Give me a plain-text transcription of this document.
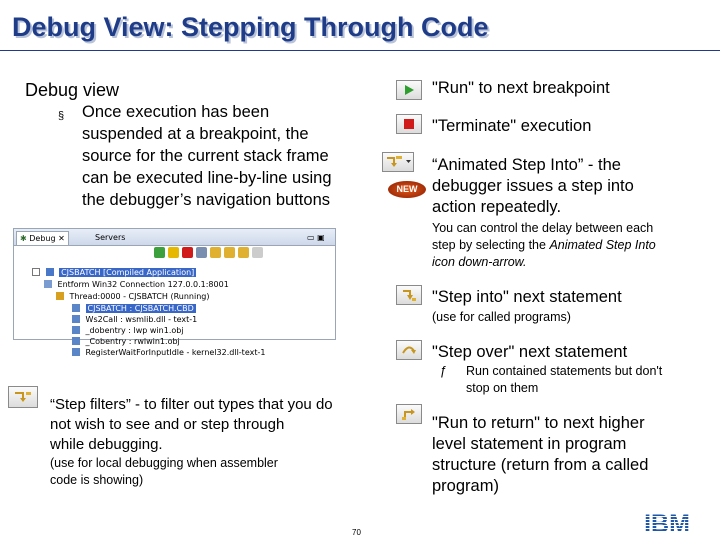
Debug View: Stepping Through Code
Debug view
§ Once execution has been
suspended at a breakpoint, the
source for the current stack frame
can be executed line-by-line using
the debugger’s navigation buttons
✱ Debug ✕	Servers	▭ ▣
CJSBATCH [Compiled Application]
Entform Win32 Connection 127.0.0.1:8001
Thread:0000 - CJSBATCH (Running)
CJSBATCH : CJSBATCH.CBD
Ws2Call : wsmlib.dll - text-1
_dobentry : lwp win1.obj
_Cobentry : rwlwin1.obj
RegisterWaitForInputIdle - kernel32.dll-text-1
"Run" to next breakpoint
"Terminate" execution
NEW
“Animated Step Into” - the
debugger issues a step into
action repeatedly.
You can control the delay between each
step by selecting the Animated Step Into
icon down-arrow.
"Step into" next statement
(use for called programs)
"Step over" next statement
ƒ Run contained statements but don't
stop on them
“Step filters” - to filter out types that you do
not wish to see and or step through
while debugging.
(use for local debugging when assembler
code is showing)
"Run to return" to next higher
level statement in program
structure (return from a called
program)
70	IBM
